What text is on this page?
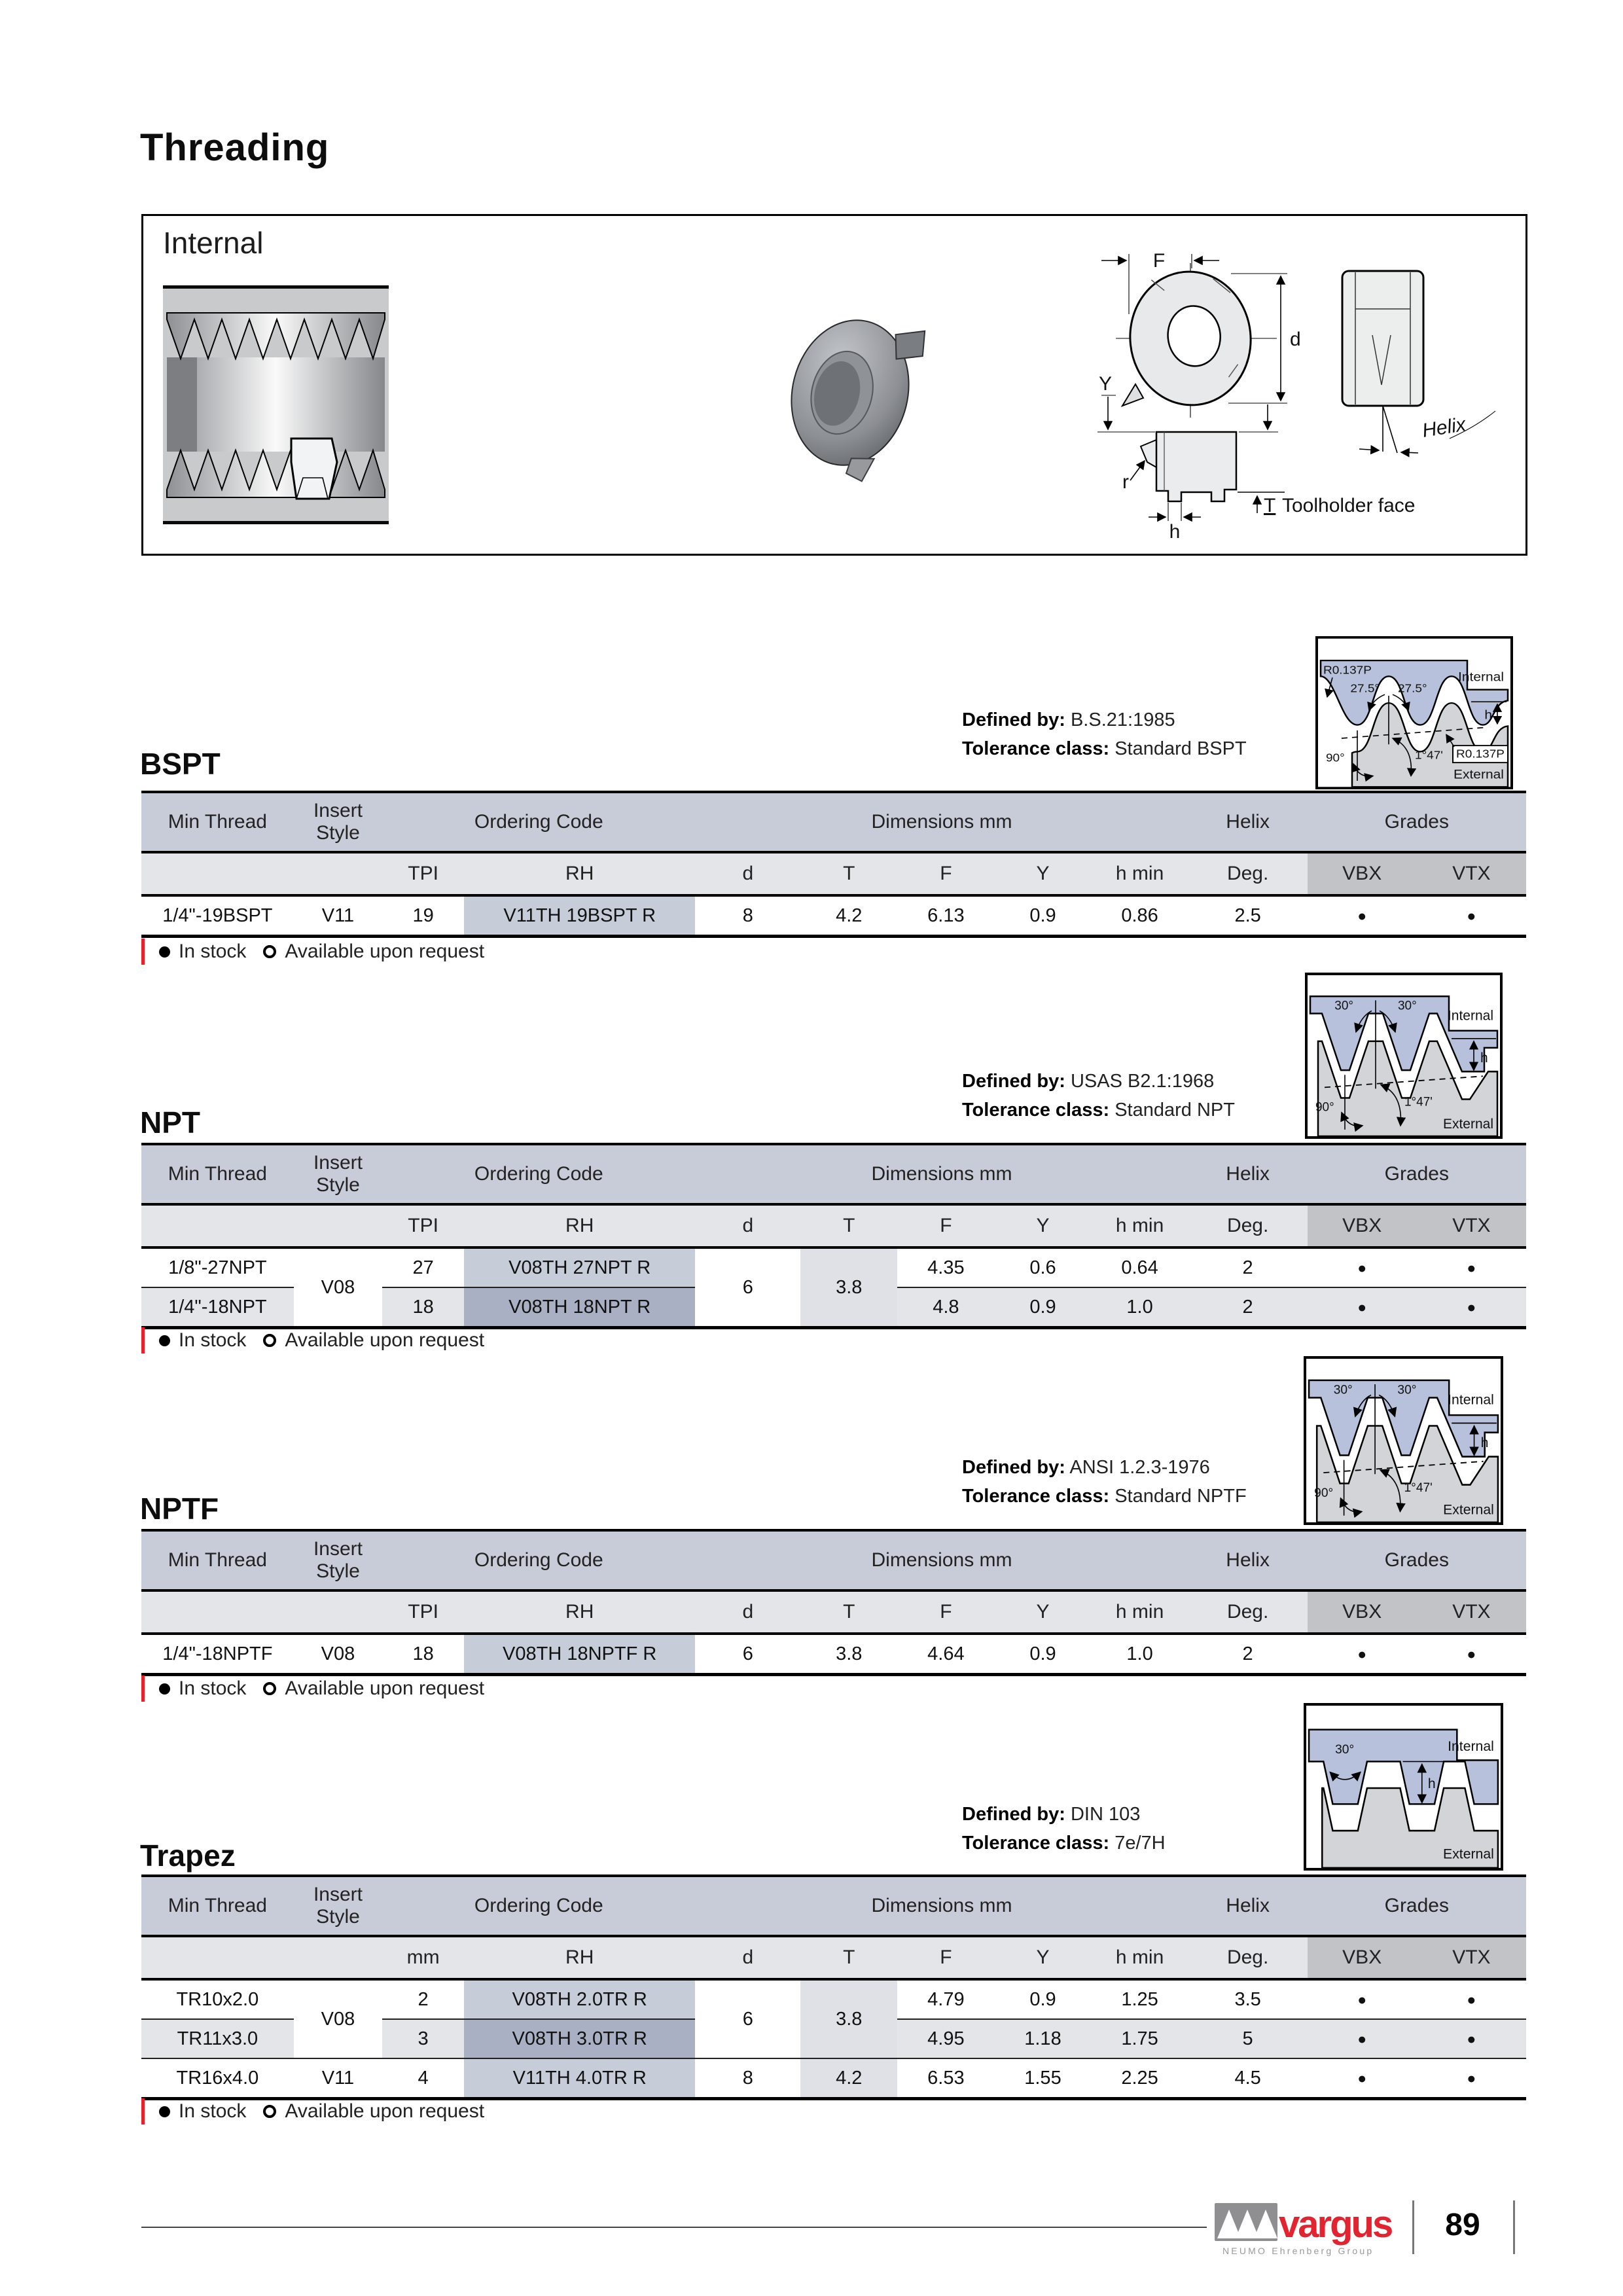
Threading
Internal
F
d
Helix
Y
r
h
T Toolholder face
Defined by: B.S.21:1985
Tolerance class: Standard BSPT
BSPT
27.5° 27.5°
R0.137P
h
90°	1°47' R0.137P
Internal
External
Min Thread	Insert Style	Ordering Code		Dimensions mm					Helix	Grades	
		TPI	RH	d	T	F	Y	h min	Deg.	VBX	VTX
1/4"-19BSPT	V11	19	V11TH 19BSPT R	8	4.2	6.13	0.9	0.86	2.5	●	●
In stock Available upon request
Defined by: USAS B2.1:1968
Tolerance class: Standard NPT
NPT
30°	30°
h
90°	1°47'
Internal
External
Min Thread	Insert Style	Ordering Code		Dimensions mm					Helix	Grades	
		TPI	RH	d	T	F	Y	h min	Deg.	VBX	VTX
1/8"-27NPT	V08	27	V08TH 27NPT R	6	3.8	4.35	0.6	0.64	2	●	●
1/4"-18NPT		18	V08TH 18NPT R			4.8	0.9	1.0	2	●	●
In stock Available upon request
Defined by: ANSI 1.2.3-1976
Tolerance class: Standard NPTF
NPTF
30°	30°
h
90°	1°47'
Internal
External
Min Thread	Insert Style	Ordering Code		Dimensions mm					Helix	Grades	
		TPI	RH	d	T	F	Y	h min	Deg.	VBX	VTX
1/4"-18NPTF	V08	18	V08TH 18NPTF R	6	3.8	4.64	0.9	1.0	2	●	●
In stock Available upon request
Defined by: DIN 103
Tolerance class: 7e/7H
Trapez
30°
h
Internal
External
Min Thread	Insert Style	Ordering Code		Dimensions mm					Helix	Grades	
		mm	RH	d	T	F	Y	h min	Deg.	VBX	VTX
TR10x2.0	V08	2	V08TH 2.0TR R	6	3.8	4.79	0.9	1.25	3.5	●	●
TR11x3.0		3	V08TH 3.0TR R			4.95	1.18	1.75	5	●	●
TR16x4.0	V11	4	V11TH 4.0TR R	8	4.2	6.53	1.55	2.25	4.5	●	●
In stock Available upon request
vargus
NEUMO Ehrenberg Group
89
